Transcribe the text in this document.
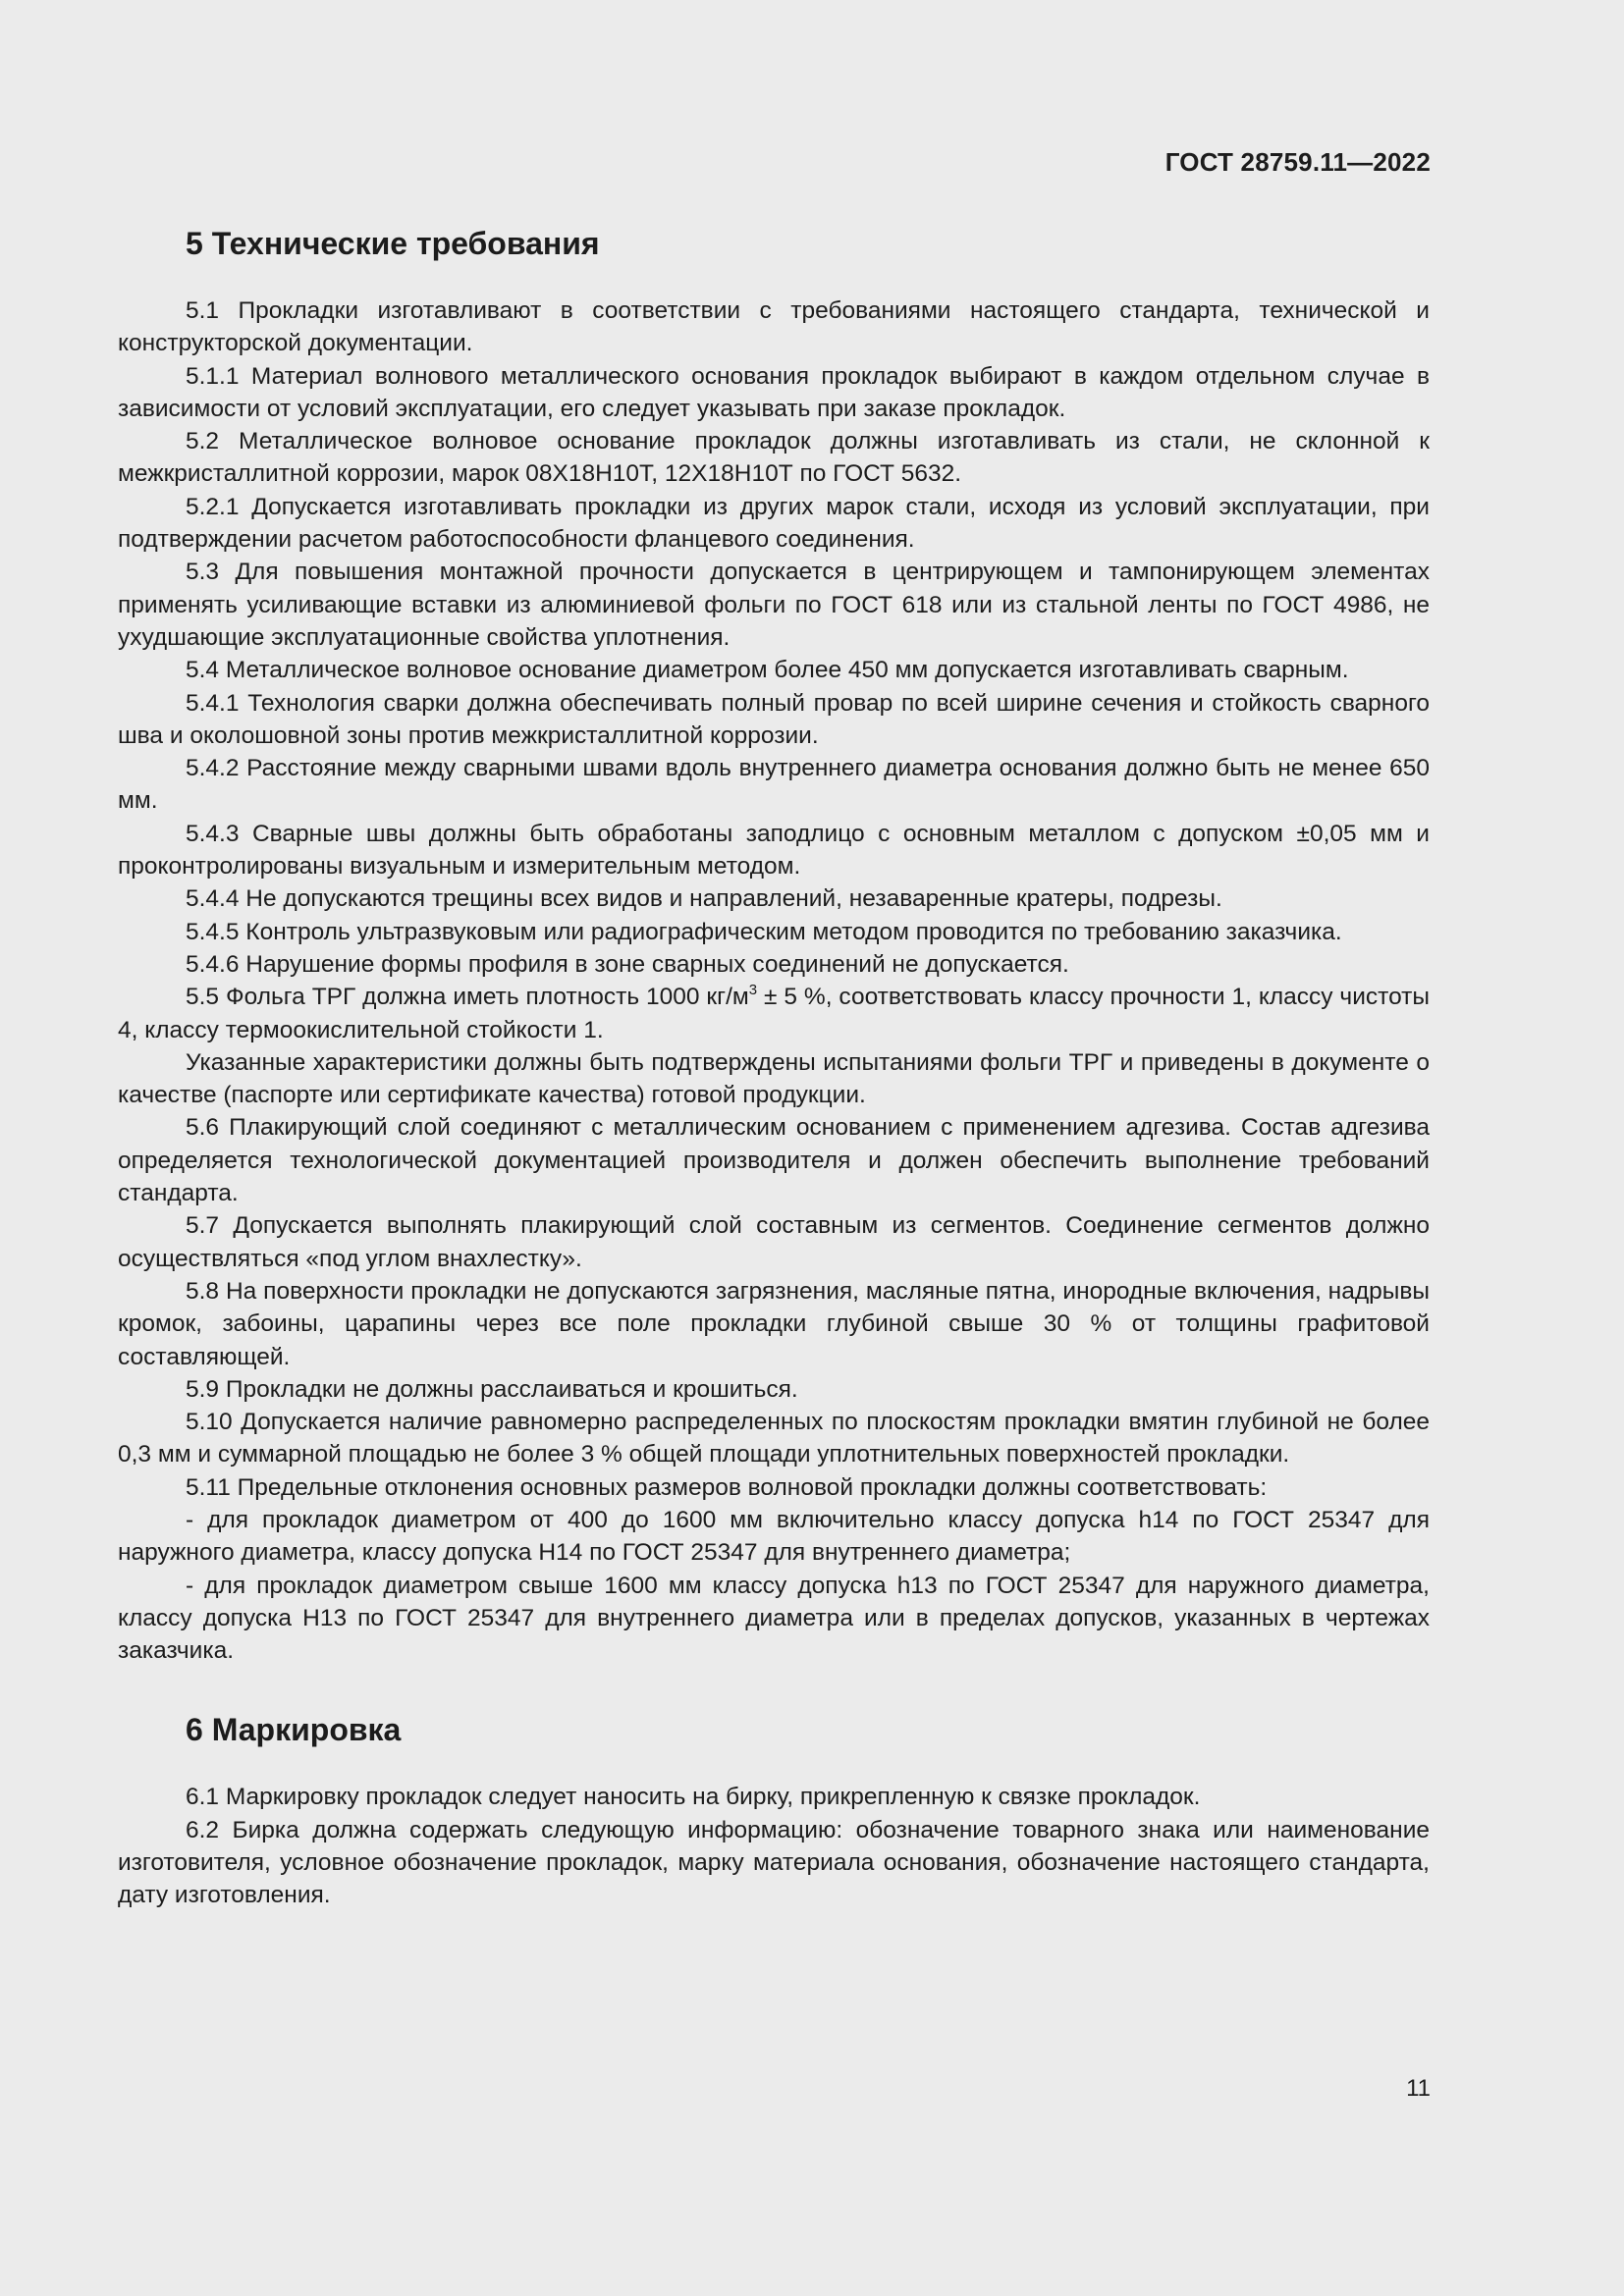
ГОСТ 28759.11—2022

5 Технические требования

5.1 Прокладки изготавливают в соответствии с требованиями настоящего стандарта, технической и конструкторской документации.

5.1.1 Материал волнового металлического основания прокладок выбирают в каждом отдельном случае в зависимости от условий эксплуатации, его следует указывать при заказе прокладок.

5.2 Металлическое волновое основание прокладок должны изготавливать из стали, не склонной к межкристаллитной коррозии, марок 08Х18Н10Т, 12Х18Н10Т по ГОСТ 5632.

5.2.1 Допускается изготавливать прокладки из других марок стали, исходя из условий эксплуатации, при подтверждении расчетом работоспособности фланцевого соединения.

5.3 Для повышения монтажной прочности допускается в центрирующем и тампонирующем элементах применять усиливающие вставки из алюминиевой фольги по ГОСТ 618 или из стальной ленты по ГОСТ 4986, не ухудшающие эксплуатационные свойства уплотнения.

5.4 Металлическое волновое основание диаметром более 450 мм допускается изготавливать сварным.

5.4.1 Технология сварки должна обеспечивать полный провар по всей ширине сечения и стойкость сварного шва и околошовной зоны против межкристаллитной коррозии.

5.4.2 Расстояние между сварными швами вдоль внутреннего диаметра основания должно быть не менее 650 мм.

5.4.3 Сварные швы должны быть обработаны заподлицо с основным металлом с допуском ±0,05 мм и проконтролированы визуальным и измерительным методом.

5.4.4 Не допускаются трещины всех видов и направлений, незаваренные кратеры, подрезы.

5.4.5 Контроль ультразвуковым или радиографическим методом проводится по требованию заказчика.

5.4.6 Нарушение формы профиля в зоне сварных соединений не допускается.

5.5 Фольга ТРГ должна иметь плотность 1000 $кг/м^3 \pm 5$ %, соответствовать классу прочности 1, классу чистоты 4, классу термоокислительной стойкости 1.

Указанные характеристики должны быть подтверждены испытаниями фольги ТРГ и приведены в документе о качестве (паспорте или сертификате качества) готовой продукции.

5.6 Плакирующий слой соединяют с металлическим основанием с применением адгезива. Состав адгезива определяется технологической документацией производителя и должен обеспечить выполнение требований стандарта.

5.7 Допускается выполнять плакирующий слой составным из сегментов. Соединение сегментов должно осуществляться «под углом внахлестку».

5.8 На поверхности прокладки не допускаются загрязнения, масляные пятна, инородные включения, надрывы кромок, забоины, царапины через все поле прокладки глубиной свыше 30 % от толщины графитовой составляющей.

5.9 Прокладки не должны расслаиваться и крошиться.

5.10 Допускается наличие равномерно распределенных по плоскостям прокладки вмятин глубиной не более 0,3 мм и суммарной площадью не более 3 % общей площади уплотнительных поверхностей прокладки.

5.11 Предельные отклонения основных размеров волновой прокладки должны соответствовать:

- для прокладок диаметром от 400 до 1600 мм включительно классу допуска h14 по ГОСТ 25347 для наружного диаметра, классу допуска H14 по ГОСТ 25347 для внутреннего диаметра;

- для прокладок диаметром свыше 1600 мм классу допуска h13 по ГОСТ 25347 для наружного диаметра, классу допуска H13 по ГОСТ 25347 для внутреннего диаметра или в пределах допусков, указанных в чертежах заказчика.

6 Маркировка

6.1 Маркировку прокладок следует наносить на бирку, прикрепленную к связке прокладок.

6.2 Бирка должна содержать следующую информацию: обозначение товарного знака или наименование изготовителя, условное обозначение прокладок, марку материала основания, обозначение настоящего стандарта, дату изготовления.

11
